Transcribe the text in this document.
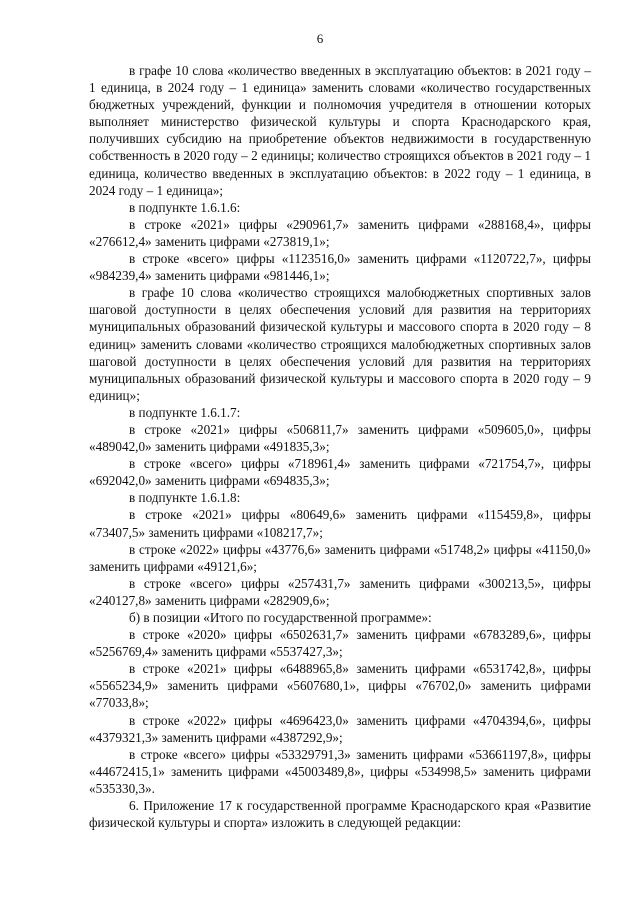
6

в графе 10 слова «количество введенных в эксплуатацию объектов: в 2021 году – 1 единица, в 2024 году – 1 единица» заменить словами «количество государственных бюджетных учреждений, функции и полномочия учредителя в отношении которых выполняет министерство физической культуры и спорта Краснодарского края, получивших субсидию на приобретение объектов недвижимости в государственную собственность в 2020 году – 2 единицы; количество строящихся объектов в 2021 году – 1 единица, количество введенных в эксплуатацию объектов: в 2022 году – 1 единица, в 2024 году – 1 единица»;

в подпункте 1.6.1.6:

в строке «2021» цифры «290961,7» заменить цифрами «288168,4», цифры «276612,4» заменить цифрами «273819,1»;

в строке «всего» цифры «1123516,0» заменить цифрами «1120722,7», цифры «984239,4» заменить цифрами «981446,1»;

в графе 10 слова «количество строящихся малобюджетных спортивных залов шаговой доступности в целях обеспечения условий для развития на территориях муниципальных образований физической культуры и массового спорта в 2020 году – 8 единиц» заменить словами «количество строящихся малобюджетных спортивных залов шаговой доступности в целях обеспечения условий для развития на территориях муниципальных образований физической культуры и массового спорта в 2020 году – 9 единиц»;

в подпункте 1.6.1.7:

в строке «2021» цифры «506811,7» заменить цифрами «509605,0», цифры «489042,0» заменить цифрами «491835,3»;

в строке «всего» цифры «718961,4» заменить цифрами «721754,7», цифры «692042,0» заменить цифрами «694835,3»;

в подпункте 1.6.1.8:

в строке «2021» цифры «80649,6» заменить цифрами «115459,8», цифры «73407,5» заменить цифрами «108217,7»;

в строке «2022» цифры «43776,6» заменить цифрами «51748,2» цифры «41150,0» заменить цифрами «49121,6»;

в строке «всего» цифры «257431,7» заменить цифрами «300213,5», цифры «240127,8» заменить цифрами «282909,6»;

б) в позиции «Итого по государственной программе»:

в строке «2020» цифры «6502631,7» заменить цифрами «6783289,6», цифры «5256769,4» заменить цифрами «5537427,3»;

в строке «2021» цифры «6488965,8» заменить цифрами «6531742,8», цифры «5565234,9» заменить цифрами «5607680,1», цифры «76702,0» заменить цифрами «77033,8»;

в строке «2022» цифры «4696423,0» заменить цифрами «4704394,6», цифры «4379321,3» заменить цифрами «4387292,9»;

в строке «всего» цифры «53329791,3» заменить цифрами «53661197,8», цифры «44672415,1» заменить цифрами «45003489,8», цифры «534998,5» заменить цифрами «535330,3».

6. Приложение 17 к государственной программе Краснодарского края «Развитие физической культуры и спорта» изложить в следующей редакции:
